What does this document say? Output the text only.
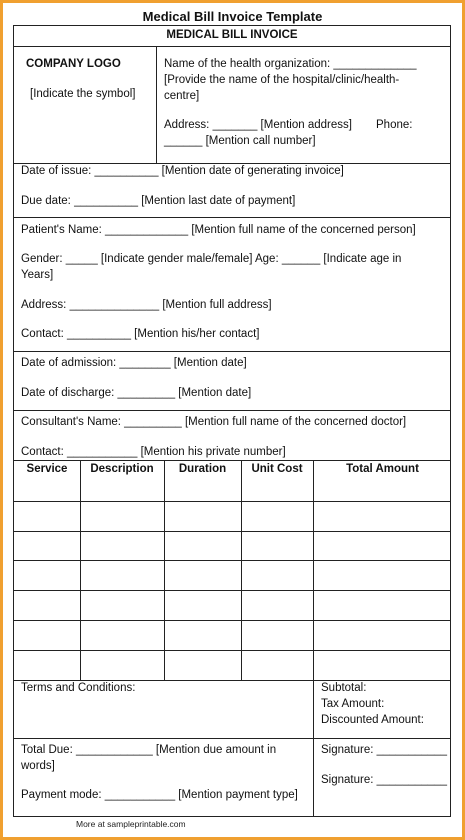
Medical Bill Invoice Template
MEDICAL BILL INVOICE
COMPANY LOGO
[Indicate the symbol]
Name of the health organization: _____________
[Provide the name of the hospital/clinic/health-centre]
Address: _______ [Mention address] Phone:
______ [Mention call number]
Date of issue: __________ [Mention date of generating invoice]
Due date: __________ [Mention last date of payment]
Patient's Name: _____________ [Mention full name of the concerned person]
Gender: _____ [Indicate gender male/female] Age: ______ [Indicate age in Years]
Address: ______________ [Mention full address]
Contact: __________ [Mention his/her contact]
Date of admission: ________ [Mention date]
Date of discharge: _________ [Mention date]
Consultant's Name: _________ [Mention full name of the concerned doctor]
Contact: ___________ [Mention his private number]
Service	Description	Duration	Unit Cost	Total Amount
Terms and Conditions:	Subtotal:
Tax Amount:
Discounted Amount:
Total Due: ____________ [Mention due amount in words]
Payment mode: ___________ [Mention payment type]
Signature: ___________
Signature: ___________
More at sampleprintable.com
